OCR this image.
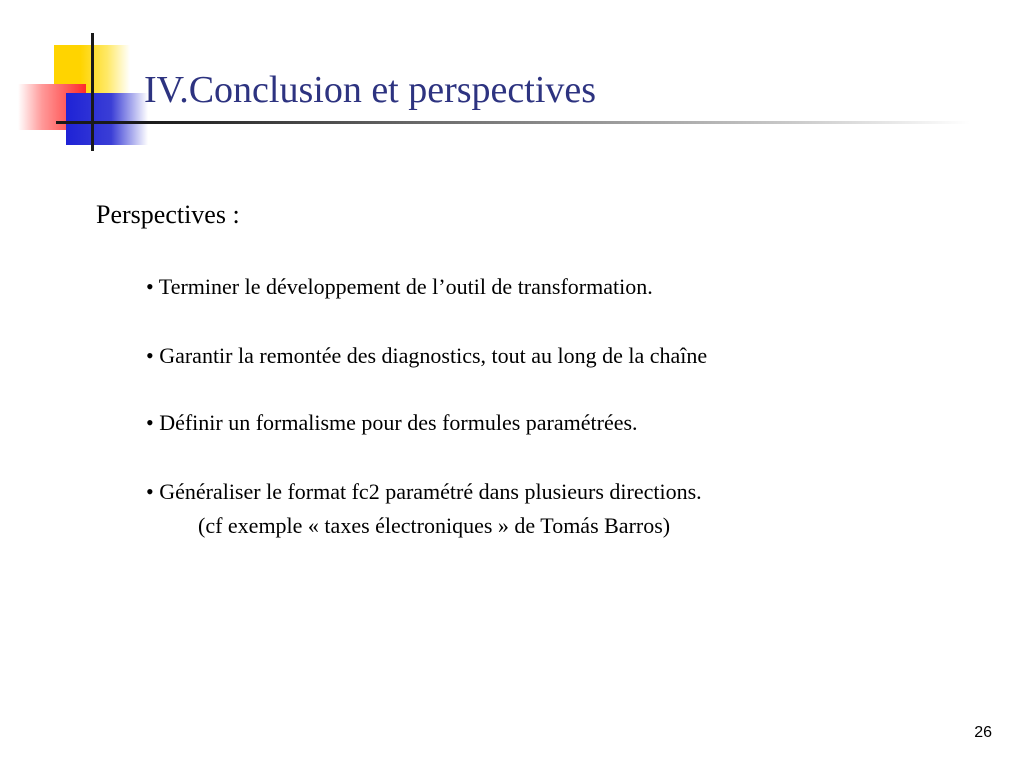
IV.Conclusion et perspectives
Perspectives :
• Terminer le développement de l’outil de transformation.
• Garantir la remontée des diagnostics, tout au long de la chaîne
• Définir un formalisme pour des formules paramétrées.
• Généraliser le format fc2 paramétré dans plusieurs directions.
(cf exemple « taxes électroniques » de Tomás Barros)
26
